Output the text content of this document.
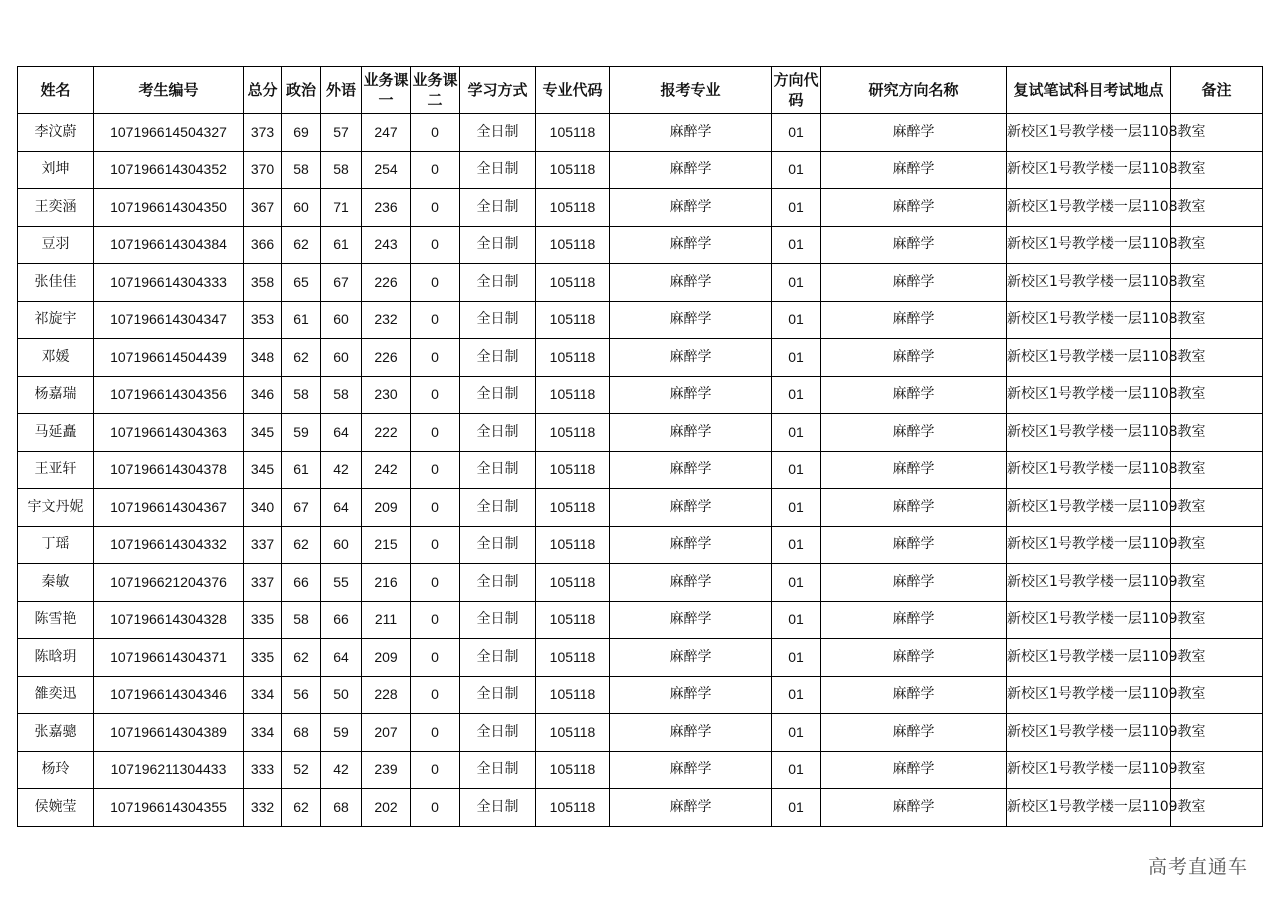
姓名	考生编号	总分	政治	外语	业务课一	业务课二	学习方式	专业代码	报考专业	方向代码	研究方向名称	复试笔试科目考试地点	备注
李汶蔚	107196614504327	373	69	57	247	0	全日制	105118	麻醉学	01	麻醉学	新校区1号教学楼一层1108教室	
刘坤	107196614304352	370	58	58	254	0	全日制	105118	麻醉学	01	麻醉学	新校区1号教学楼一层1108教室	
王奕涵	107196614304350	367	60	71	236	0	全日制	105118	麻醉学	01	麻醉学	新校区1号教学楼一层1108教室	
豆羽	107196614304384	366	62	61	243	0	全日制	105118	麻醉学	01	麻醉学	新校区1号教学楼一层1108教室	
张佳佳	107196614304333	358	65	67	226	0	全日制	105118	麻醉学	01	麻醉学	新校区1号教学楼一层1108教室	
祁旋宇	107196614304347	353	61	60	232	0	全日制	105118	麻醉学	01	麻醉学	新校区1号教学楼一层1108教室	
邓媛	107196614504439	348	62	60	226	0	全日制	105118	麻醉学	01	麻醉学	新校区1号教学楼一层1108教室	
杨嘉瑞	107196614304356	346	58	58	230	0	全日制	105118	麻醉学	01	麻醉学	新校区1号教学楼一层1108教室	
马延矗	107196614304363	345	59	64	222	0	全日制	105118	麻醉学	01	麻醉学	新校区1号教学楼一层1108教室	
王亚轩	107196614304378	345	61	42	242	0	全日制	105118	麻醉学	01	麻醉学	新校区1号教学楼一层1108教室	
宇文丹妮	107196614304367	340	67	64	209	0	全日制	105118	麻醉学	01	麻醉学	新校区1号教学楼一层1109教室	
丁瑶	107196614304332	337	62	60	215	0	全日制	105118	麻醉学	01	麻醉学	新校区1号教学楼一层1109教室	
秦敏	107196621204376	337	66	55	216	0	全日制	105118	麻醉学	01	麻醉学	新校区1号教学楼一层1109教室	
陈雪艳	107196614304328	335	58	66	211	0	全日制	105118	麻醉学	01	麻醉学	新校区1号教学楼一层1109教室	
陈晗玥	107196614304371	335	62	64	209	0	全日制	105118	麻醉学	01	麻醉学	新校区1号教学楼一层1109教室	
雒奕迅	107196614304346	334	56	50	228	0	全日制	105118	麻醉学	01	麻醉学	新校区1号教学楼一层1109教室	
张嘉骢	107196614304389	334	68	59	207	0	全日制	105118	麻醉学	01	麻醉学	新校区1号教学楼一层1109教室	
杨玲	107196211304433	333	52	42	239	0	全日制	105118	麻醉学	01	麻醉学	新校区1号教学楼一层1109教室	
侯婉莹	107196614304355	332	62	68	202	0	全日制	105118	麻醉学	01	麻醉学	新校区1号教学楼一层1109教室	
高考直通车
